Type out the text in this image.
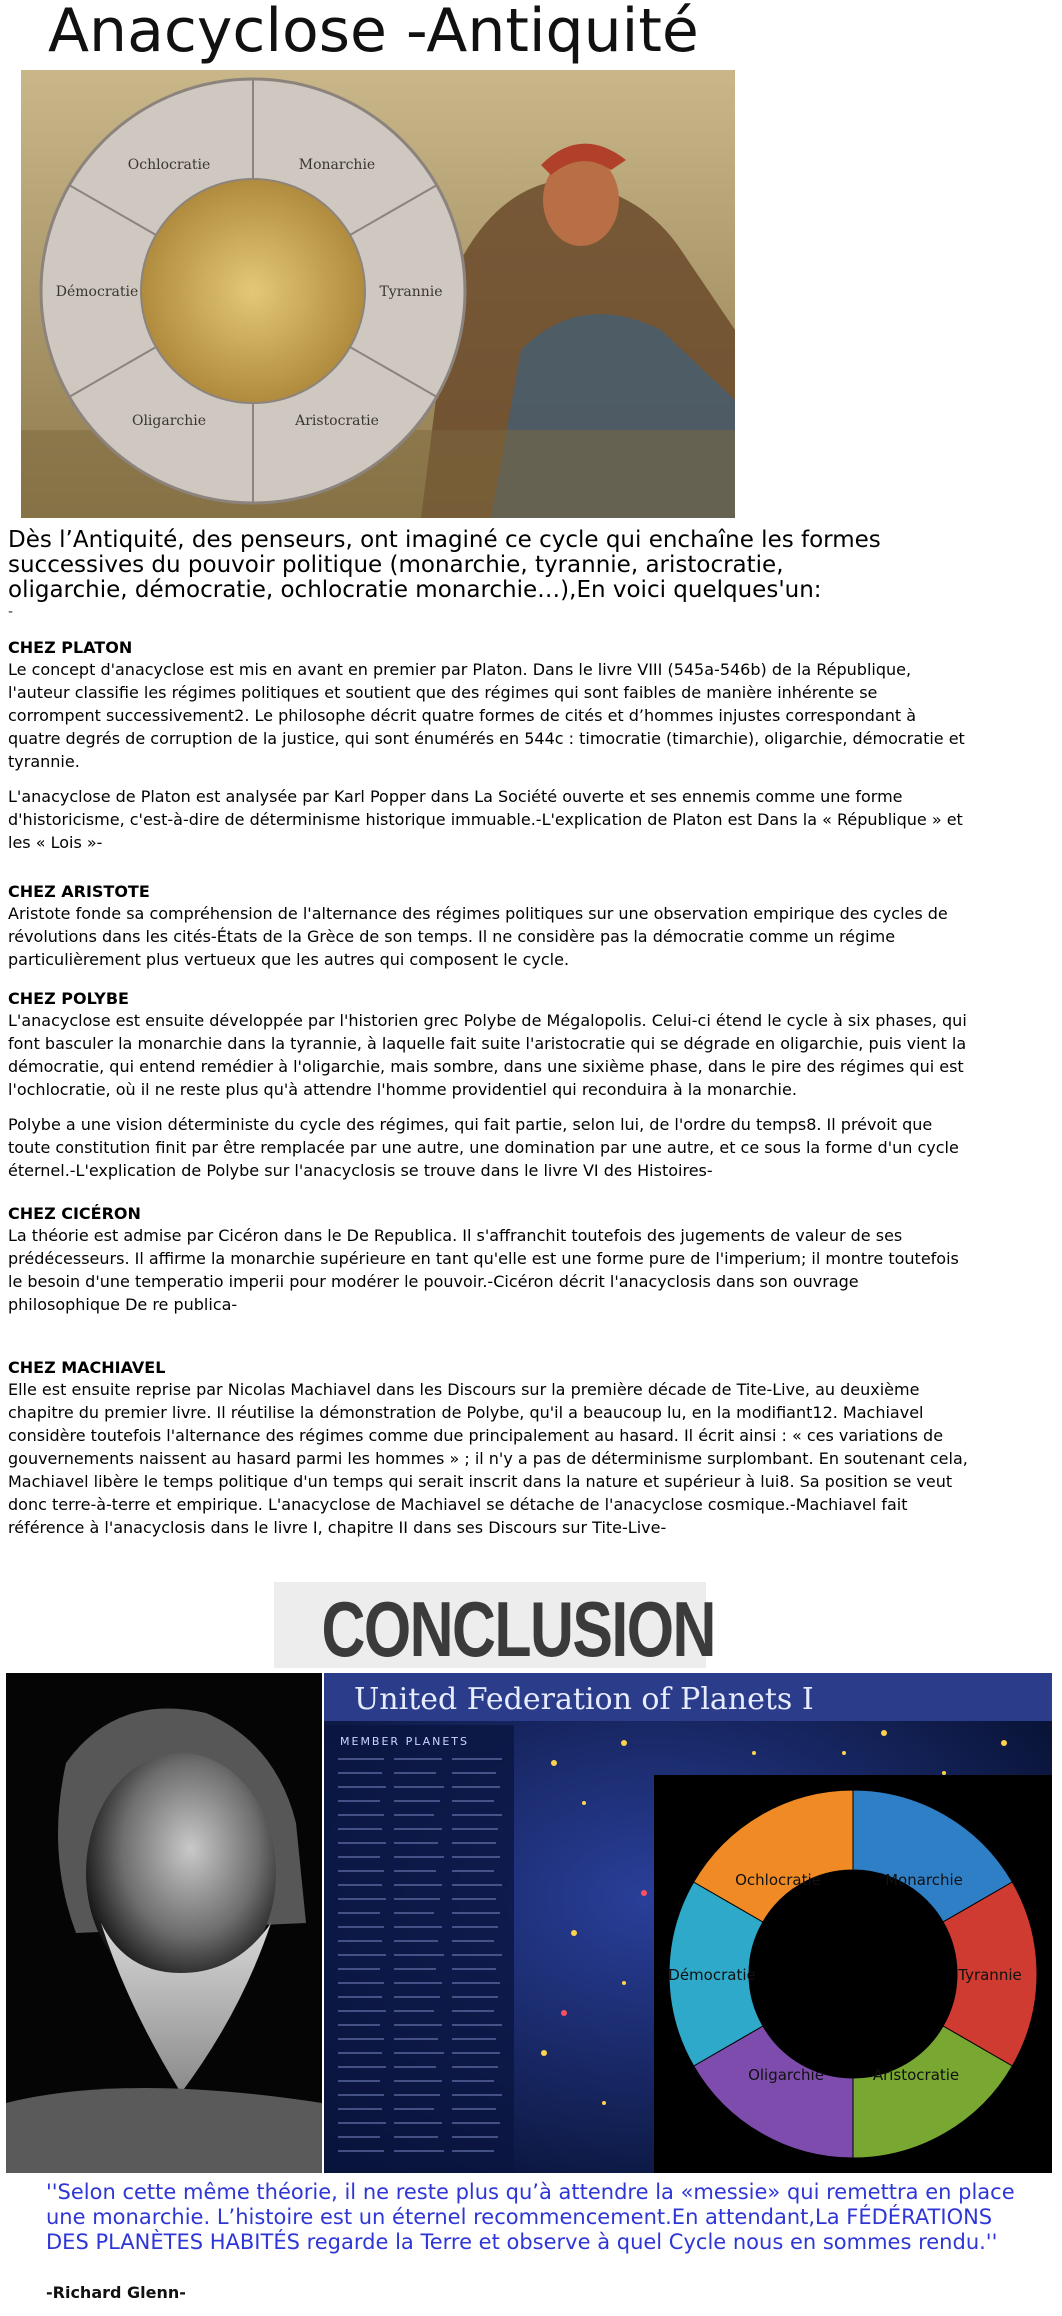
Anacyclose -Antiquité
Ochlocratie	Monarchie
Tyrannie
Aristocratie
Oligarchie
Démocratie
Dès l’Antiquité, des penseurs, ont imaginé ce cycle qui enchaîne les formes successives du pouvoir politique (monarchie, tyrannie, aristocratie, oligarchie, démocratie, ochlocratie monarchie…),En voici quelques'un:
-
CHEZ PLATON

Le concept d'anacyclose est mis en avant en premier par Platon. Dans le livre VIII (545a-546b) de la République, l'auteur classifie les régimes politiques et soutient que des régimes qui sont faibles de manière inhérente se corrompent successivement2. Le philosophe décrit quatre formes de cités et d’hommes injustes correspondant à quatre degrés de corruption de la justice, qui sont énumérés en 544c : timocratie (timarchie), oligarchie, démocratie et tyrannie.

L'anacyclose de Platon est analysée par Karl Popper dans La Société ouverte et ses ennemis comme une forme d'historicisme, c'est-à-dire de déterminisme historique immuable.-L'explication de Platon est Dans la « République » et les « Lois »-

CHEZ ARISTOTE

Aristote fonde sa compréhension de l'alternance des régimes politiques sur une observation empirique des cycles de révolutions dans les cités-États de la Grèce de son temps. Il ne considère pas la démocratie comme un régime particulièrement plus vertueux que les autres qui composent le cycle.

CHEZ POLYBE

L'anacyclose est ensuite développée par l'historien grec Polybe de Mégalopolis. Celui-ci étend le cycle à six phases, qui font basculer la monarchie dans la tyrannie, à laquelle fait suite l'aristocratie qui se dégrade en oligarchie, puis vient la démocratie, qui entend remédier à l'oligarchie, mais sombre, dans une sixième phase, dans le pire des régimes qui est l'ochlocratie, où il ne reste plus qu'à attendre l'homme providentiel qui reconduira à la monarchie.

Polybe a une vision déterministe du cycle des régimes, qui fait partie, selon lui, de l'ordre du temps8. Il prévoit que toute constitution finit par être remplacée par une autre, une domination par une autre, et ce sous la forme d'un cycle éternel.-L'explication de Polybe sur l'anacyclosis se trouve dans le livre VI des Histoires-

CHEZ CICÉRON

La théorie est admise par Cicéron dans le De Republica. Il s'affranchit toutefois des jugements de valeur de ses prédécesseurs. Il affirme la monarchie supérieure en tant qu'elle est une forme pure de l'imperium; il montre toutefois le besoin d'une temperatio imperii pour modérer le pouvoir.-Cicéron décrit l'anacyclosis dans son ouvrage philosophique De re publica-

CHEZ MACHIAVEL

Elle est ensuite reprise par Nicolas Machiavel dans les Discours sur la première décade de Tite-Live, au deuxième chapitre du premier livre. Il réutilise la démonstration de Polybe, qu'il a beaucoup lu, en la modifiant12. Machiavel considère toutefois l'alternance des régimes comme due principalement au hasard. Il écrit ainsi : « ces variations de gouvernements naissent au hasard parmi les hommes » ; il n'y a pas de déterminisme surplombant. En soutenant cela, Machiavel libère le temps politique d'un temps qui serait inscrit dans la nature et supérieur à lui8. Sa position se veut donc terre-à-terre et empirique. L'anacyclose de Machiavel se détache de l'anacyclose cosmique.-Machiavel fait référence à l'anacyclosis dans le livre I, chapitre II dans ses Discours sur Tite-Live-

CONCLUSION
United Federation of Planets I
MEMBER PLANETS
Ochlocratie	Monarchie
Tyrannie
Aristocratie
Oligarchie
Démocratie
''Selon cette même théorie, il ne reste plus qu’à attendre la «messie» qui remettra en place une monarchie. L’histoire est un éternel recommencement.En attendant,La FÉDÉRATIONS DES PLANÈTES HABITÉS regarde la Terre et observe à quel Cycle nous en sommes rendu.''
-Richard Glenn-
